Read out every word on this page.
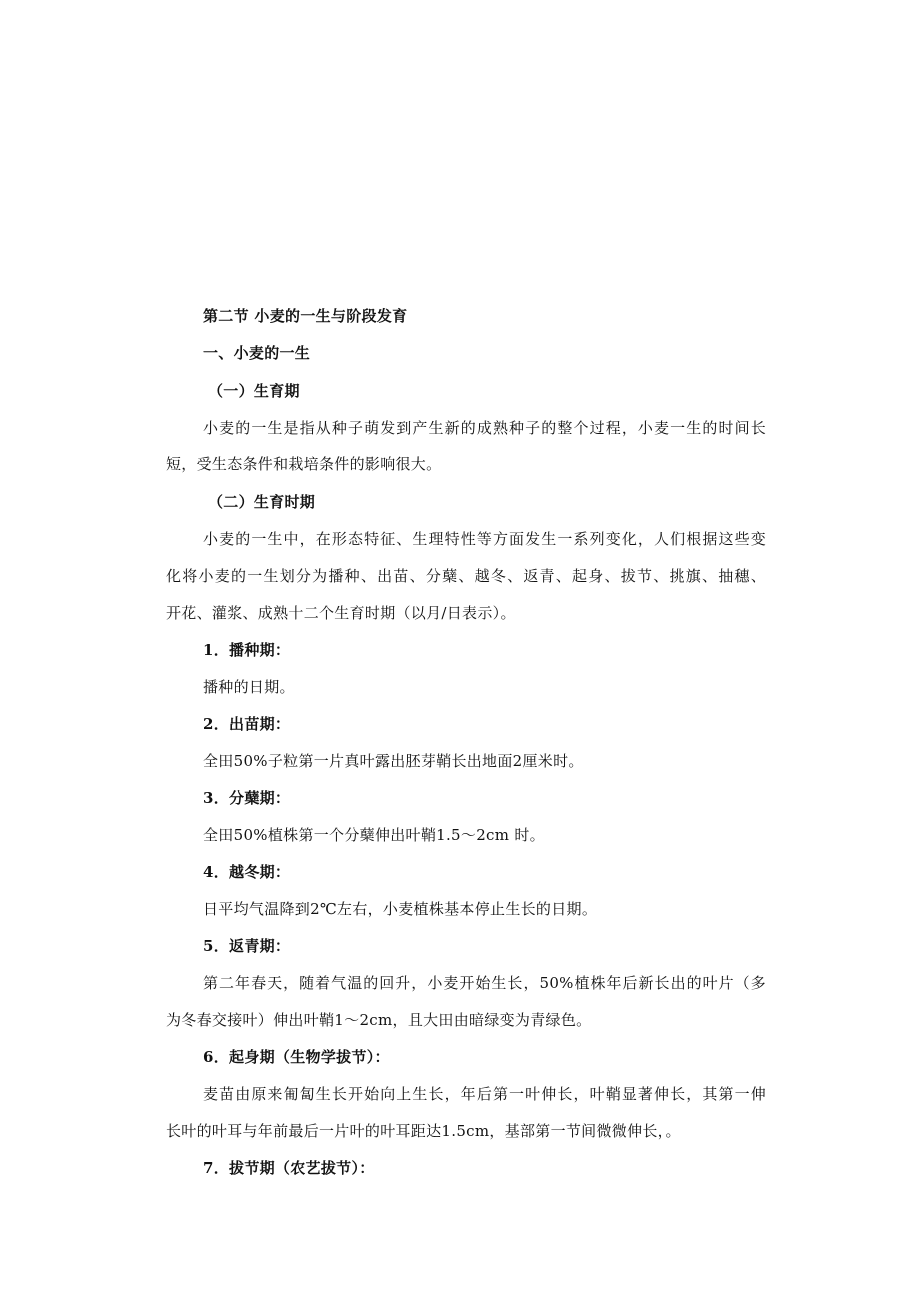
第二节 小麦的一生与阶段发育
一、小麦的一生
（一）生育期
小麦的一生是指从种子萌发到产生新的成熟种子的整个过程，小麦一生的时间长
短，受生态条件和栽培条件的影响很大。
（二）生育时期
小麦的一生中，在形态特征、生理特性等方面发生一系列变化，人们根据这些变
化将小麦的一生划分为播种、出苗、分蘖、越冬、返青、起身、拔节、挑旗、抽穗、
开花、灌浆、成熟十二个生育时期（以月/日表示）。
1．播种期：
播种的日期。
2．出苗期：
全田50%子粒第一片真叶露出胚芽鞘长出地面2厘米时。
3．分蘖期：
全田50%植株第一个分蘖伸出叶鞘1.5～2cm 时。
4．越冬期：
日平均气温降到2℃左右，小麦植株基本停止生长的日期。
5．返青期：
第二年春天，随着气温的回升，小麦开始生长，50%植株年后新长出的叶片（多
为冬春交接叶）伸出叶鞘1～2cm，且大田由暗绿变为青绿色。
6．起身期（生物学拔节）：
麦苗由原来匍匐生长开始向上生长，年后第一叶伸长，叶鞘显著伸长，其第一伸
长叶的叶耳与年前最后一片叶的叶耳距达1.5cm，基部第一节间微微伸长，。
7．拔节期（农艺拔节）：
